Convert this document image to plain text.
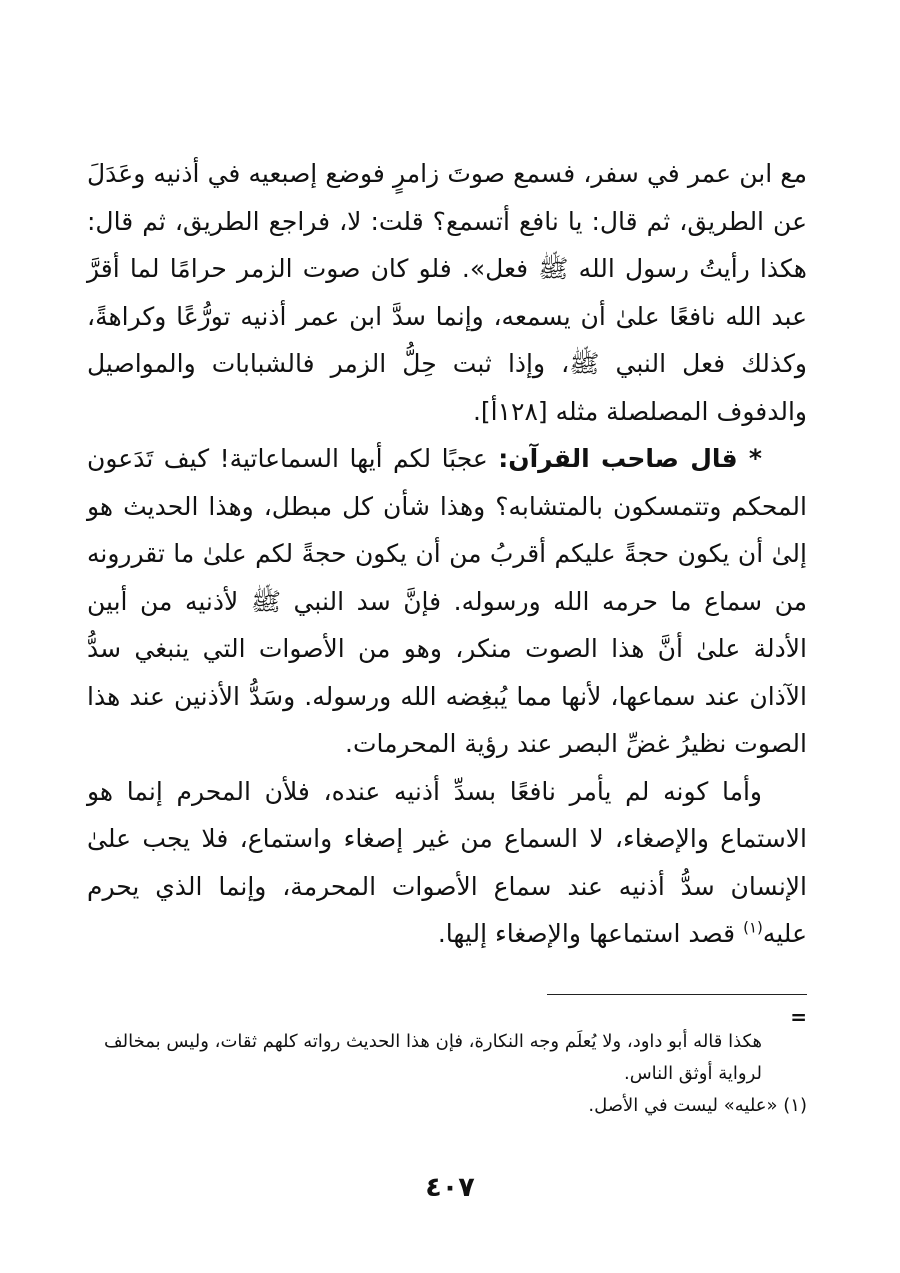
مع ابن عمر في سفر، فسمع صوتَ زامرٍ فوضع إصبعيه في أذنيه وعَدَلَ عن الطريق، ثم قال: يا نافع أتسمع؟ قلت: لا، فراجع الطريق، ثم قال: هكذا رأيتُ رسول الله ﷺ فعل». فلو كان صوت الزمر حرامًا لما أقرَّ عبد الله نافعًا علىٰ أن يسمعه، وإنما سدَّ ابن عمر أذنيه تورُّعًا وكراهةً، وكذلك فعل النبي ﷺ، وإذا ثبت حِلُّ الزمر فالشبابات والمواصيل والدفوف المصلصلة مثله [١٢٨أ].

* قال صاحب القرآن: عجبًا لكم أيها السماعاتية! كيف تَدَعون المحكم وتتمسكون بالمتشابه؟ وهذا شأن كل مبطل، وهذا الحديث هو إلىٰ أن يكون حجةً عليكم أقربُ من أن يكون حجةً لكم علىٰ ما تقررونه من سماع ما حرمه الله ورسوله. فإنَّ سد النبي ﷺ لأذنيه من أبين الأدلة علىٰ أنَّ هذا الصوت منكر، وهو من الأصوات التي ينبغي سدُّ الآذان عند سماعها، لأنها مما يُبغِضه الله ورسوله. وسَدُّ الأذنين عند هذا الصوت نظيرُ غضِّ البصر عند رؤية المحرمات.

وأما كونه لم يأمر نافعًا بسدِّ أذنيه عنده، فلأن المحرم إنما هو الاستماع والإصغاء، لا السماع من غير إصغاء واستماع، فلا يجب علىٰ الإنسان سدُّ أذنيه عند سماع الأصوات المحرمة، وإنما الذي يحرم عليه$^{(١)}$ قصد استماعها والإصغاء إليها.

=

هكذا قاله أبو داود، ولا يُعلَم وجه النكارة، فإن هذا الحديث رواته كلهم ثقات، وليس بمخالف لرواية أوثق الناس.

(١) «عليه» ليست في الأصل.

٤٠٧
